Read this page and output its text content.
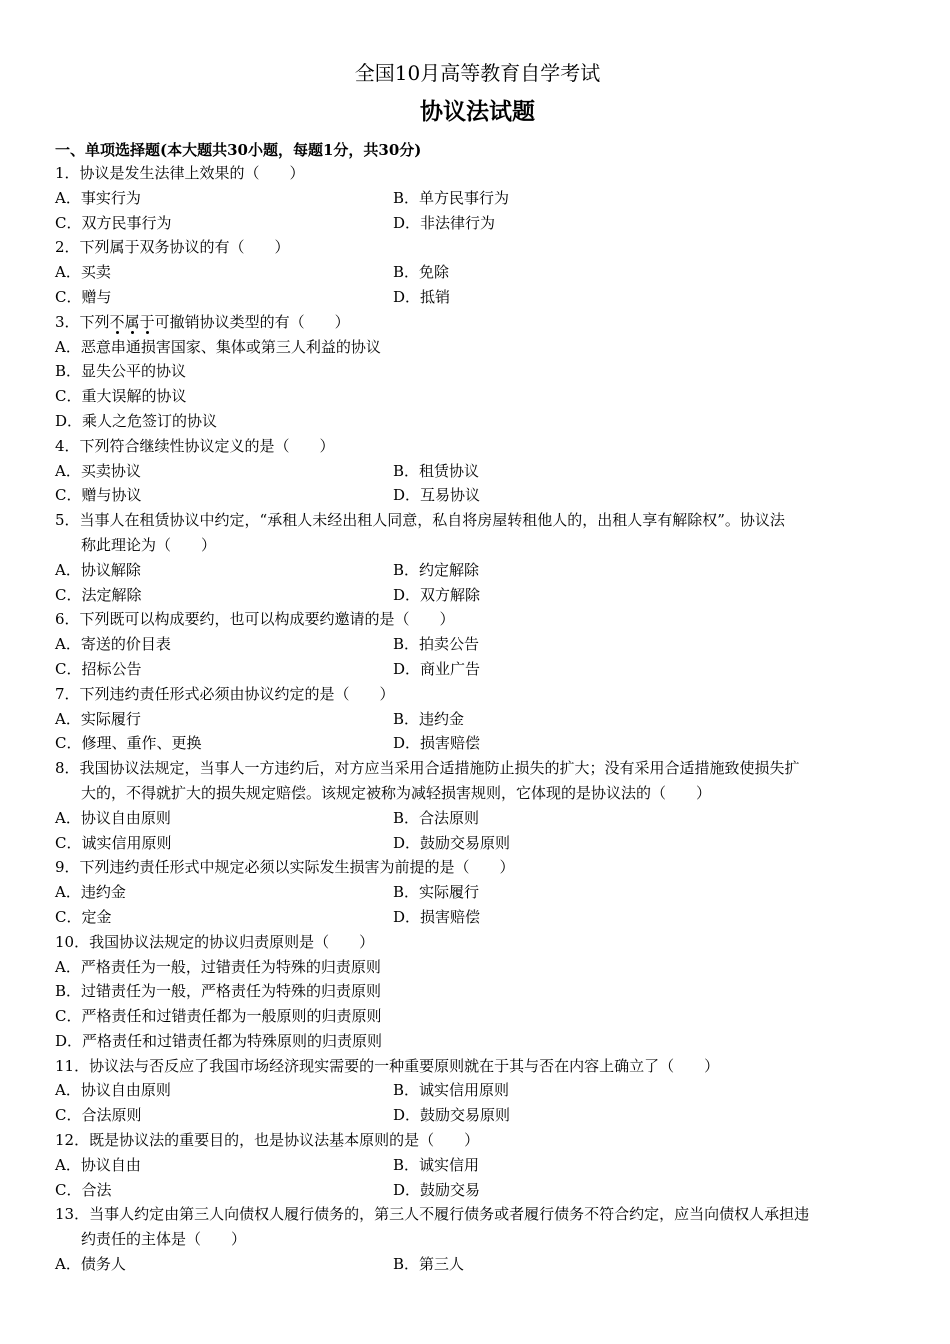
全国10月高等教育自学考试
协议法试题
一、单项选择题(本大题共30小题，每题1分，共30分)
1．协议是发生法律上效果的（　　）
A．事实行为	B．单方民事行为
C．双方民事行为	D．非法律行为
2．下列属于双务协议的有（　　）
A．买卖	B．免除
C．赠与	D．抵销
3．下列不属于可撤销协议类型的有（　　）
A．恶意串通损害国家、集体或第三人利益的协议
B．显失公平的协议
C．重大误解的协议
D．乘人之危签订的协议
4．下列符合继续性协议定义的是（　　）
A．买卖协议	B．租赁协议
C．赠与协议	D．互易协议
5．当事人在租赁协议中约定，“承租人未经出租人同意，私自将房屋转租他人的，出租人享有解除权”。协议法
称此理论为（　　）
A．协议解除	B．约定解除
C．法定解除	D．双方解除
6．下列既可以构成要约，也可以构成要约邀请的是（　　）
A．寄送的价目表	B．拍卖公告
C．招标公告	D．商业广告
7．下列违约责任形式必须由协议约定的是（　　）
A．实际履行	B．违约金
C．修理、重作、更换	D．损害赔偿
8．我国协议法规定，当事人一方违约后，对方应当采用合适措施防止损失的扩大；没有采用合适措施致使损失扩
大的，不得就扩大的损失规定赔偿。该规定被称为减轻损害规则，它体现的是协议法的（　　）
A．协议自由原则	B．合法原则
C．诚实信用原则	D．鼓励交易原则
9．下列违约责任形式中规定必须以实际发生损害为前提的是（　　）
A．违约金	B．实际履行
C．定金	D．损害赔偿
10．我国协议法规定的协议归责原则是（　　）
A．严格责任为一般，过错责任为特殊的归责原则
B．过错责任为一般，严格责任为特殊的归责原则
C．严格责任和过错责任都为一般原则的归责原则
D．严格责任和过错责任都为特殊原则的归责原则
11．协议法与否反应了我国市场经济现实需要的一种重要原则就在于其与否在内容上确立了（　　）
A．协议自由原则	B．诚实信用原则
C．合法原则	D．鼓励交易原则
12．既是协议法的重要目的，也是协议法基本原则的是（　　）
A．协议自由	B．诚实信用
C．合法	D．鼓励交易
13．当事人约定由第三人向债权人履行债务的，第三人不履行债务或者履行债务不符合约定，应当向债权人承担违
约责任的主体是（　　）
A．债务人	B．第三人
